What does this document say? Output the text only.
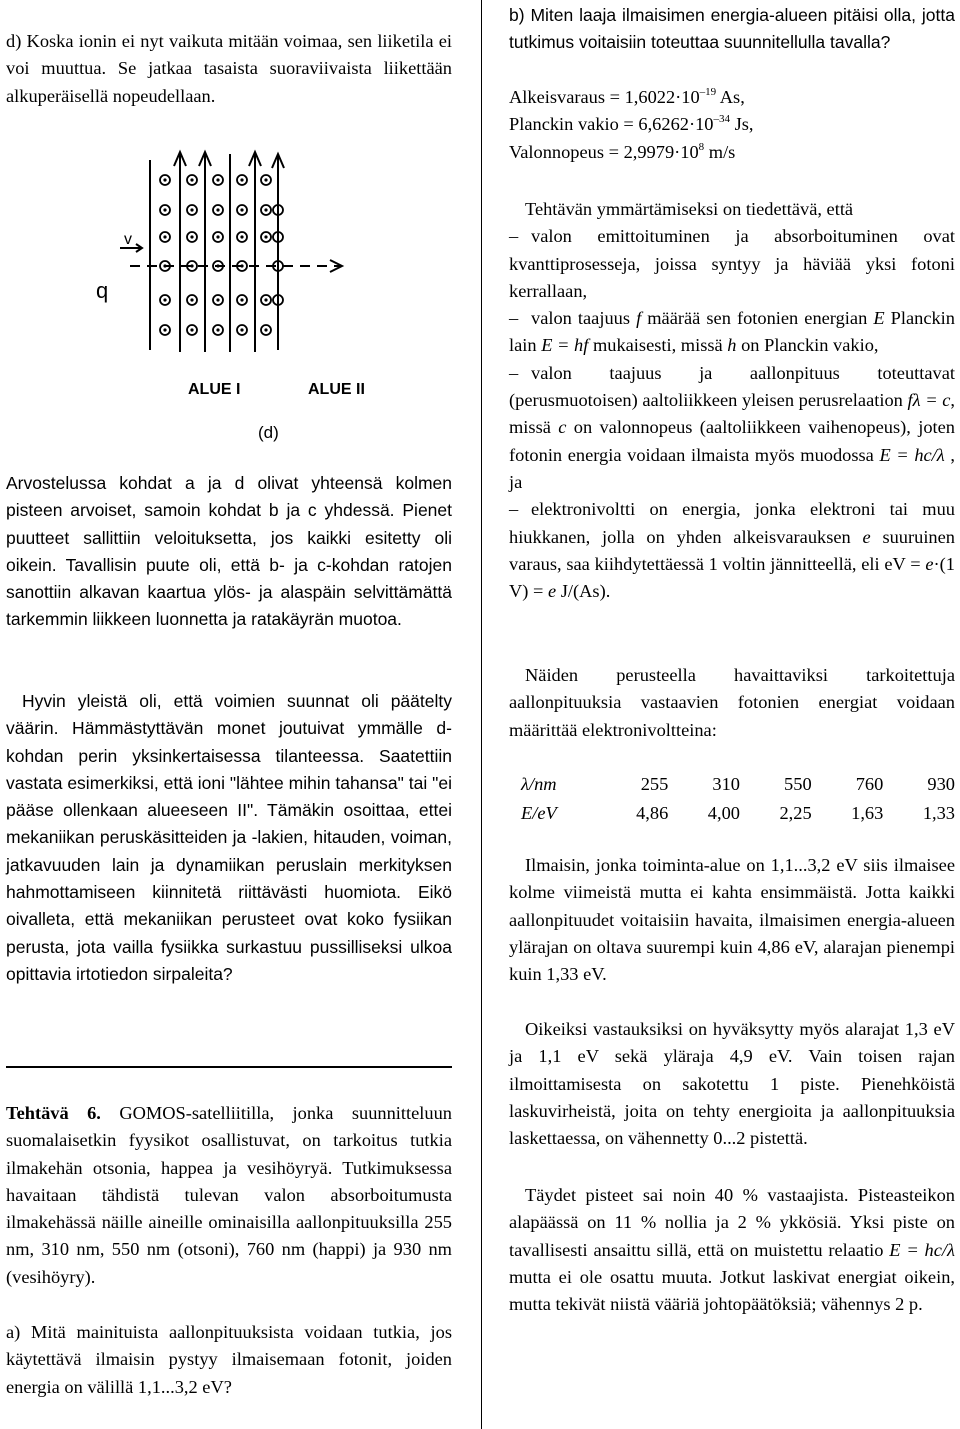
d) Koska ionin ei nyt vaikuta mitään voimaa, sen liiketila ei voi muuttua. Se jatkaa tasaista suoraviivaista liikettään alkuperäisellä nopeudellaan.

Arvostelussa kohdat a ja d olivat yhteensä kolmen pisteen arvoiset, samoin kohdat b ja c yhdessä. Pienet puutteet sallittiin veloituksetta, jos kaikki esitetty oli oikein. Tavallisin puute oli, että b- ja c-kohdan ratojen sanottiin alkavan kaartua ylös- ja alaspäin selvittämättä tarkemmin liikkeen luonnetta ja ratakäyrän muotoa.

Hyvin yleistä oli, että voimien suunnat oli päätelty väärin. Hämmästyttävän monet joutuivat ymmälle d-kohdan perin yksinkertaisessa tilanteessa. Saatettiin vastata esimerkiksi, että ioni "lähtee mihin tahansa" tai "ei pääse ollenkaan alueeseen II". Tämäkin osoittaa, ettei mekaniikan peruskäsitteiden ja -lakien, hitauden, voiman, jatkavuuden lain ja dynamiikan peruslain merkityksen hahmottamiseen kiinnitetä riittävästi huomiota. Eikö oivalleta, että mekaniikan perusteet ovat koko fysiikan perusta, jota vailla fysiikka surkastuu pussilliseksi ulkoa opittavia irtotiedon sirpaleita?

Tehtävä 6. GOMOS-satelliitilla, jonka suunnitteluun suomalaisetkin fyysikot osallistuvat, on tarkoitus tutkia ilmakehän otsonia, happea ja vesihöyryä. Tutkimuksessa havaitaan tähdistä tulevan valon absorboitumusta ilmakehässä näille aineille ominaisilla aallonpituuksilla 255 nm, 310 nm, 550 nm (otsoni), 760 nm (happi) ja 930 nm (vesihöyry).

a) Mitä mainituista aallonpituuksista voidaan tutkia, jos käytettävä ilmaisin pystyy ilmaisemaan fotonit, joiden energia on välillä 1,1...3,2 eV?

q
v
ALUE I	ALUE II
(d)

b) Miten laaja ilmaisimen energia-alueen pitäisi olla, jotta tutkimus voitaisiin toteuttaa suunnitellulla tavalla?

Alkeisvaraus = $1,6022\cdot 10^{-19}$ As,
Planckin vakio = $6,6262\cdot 10^{-34}$ Js,
Valonnopeus = $2,9979\cdot 10^8$ m/s

Tehtävän ymmärtämiseksi on tiedettävä, että

– valon emittoituminen ja absorboituminen ovat kvanttiprosesseja, joissa syntyy ja häviää yksi fotoni kerrallaan,

– valon taajuus f määrää sen fotonien energian E Planckin lain E = hf mukaisesti, missä h on Planckin vakio,

– valon taajuus ja aallonpituus toteuttavat (perusmuotoisen) aaltoliikkeen yleisen perusrelaation fλ = c, missä c on valonnopeus (aaltoliikkeen vaihenopeus), joten fotonin energia voidaan ilmaista myös muodossa E = hc/λ , ja

– elektronivoltti on energia, jonka elektroni tai muu hiukkanen, jolla on yhden alkeisvarauksen e suuruinen varaus, saa kiihdytettäessä 1 voltin jännitteellä, eli eV = e·(1 V) = e J/(As).

Näiden perusteella havaittaviksi tarkoitettuja aallonpituuksia vastaavien fotonien energiat voidaan määrittää elektronivoltteina:

λ/nm	255	310	550	760	930
E/eV	4,86	4,00	2,25	1,63	1,33

Ilmaisin, jonka toiminta-alue on 1,1...3,2 eV siis ilmaisee kolme viimeistä mutta ei kahta ensimmäistä. Jotta kaikki aallonpituudet voitaisiin havaita, ilmaisimen energia-alueen ylärajan on oltava suurempi kuin 4,86 eV, alarajan pienempi kuin 1,33 eV.

Oikeiksi vastauksiksi on hyväksytty myös alarajat 1,3 eV ja 1,1 eV sekä yläraja 4,9 eV. Vain toisen rajan ilmoittamisesta on sakotettu 1 piste. Pienehköistä laskuvirheistä, joita on tehty energioita ja aallonpituuksia laskettaessa, on vähennetty 0...2 pistettä.

Täydet pisteet sai noin 40 % vastaajista. Pisteasteikon alapäässä on 11 % nollia ja 2 % ykkösiä. Yksi piste on tavallisesti ansaittu sillä, että on muistettu relaatio E = hc/λ mutta ei ole osattu muuta. Jotkut laskivat energiat oikein, mutta tekivät niistä vääriä johtopäätöksiä; vähennys 2 p.
